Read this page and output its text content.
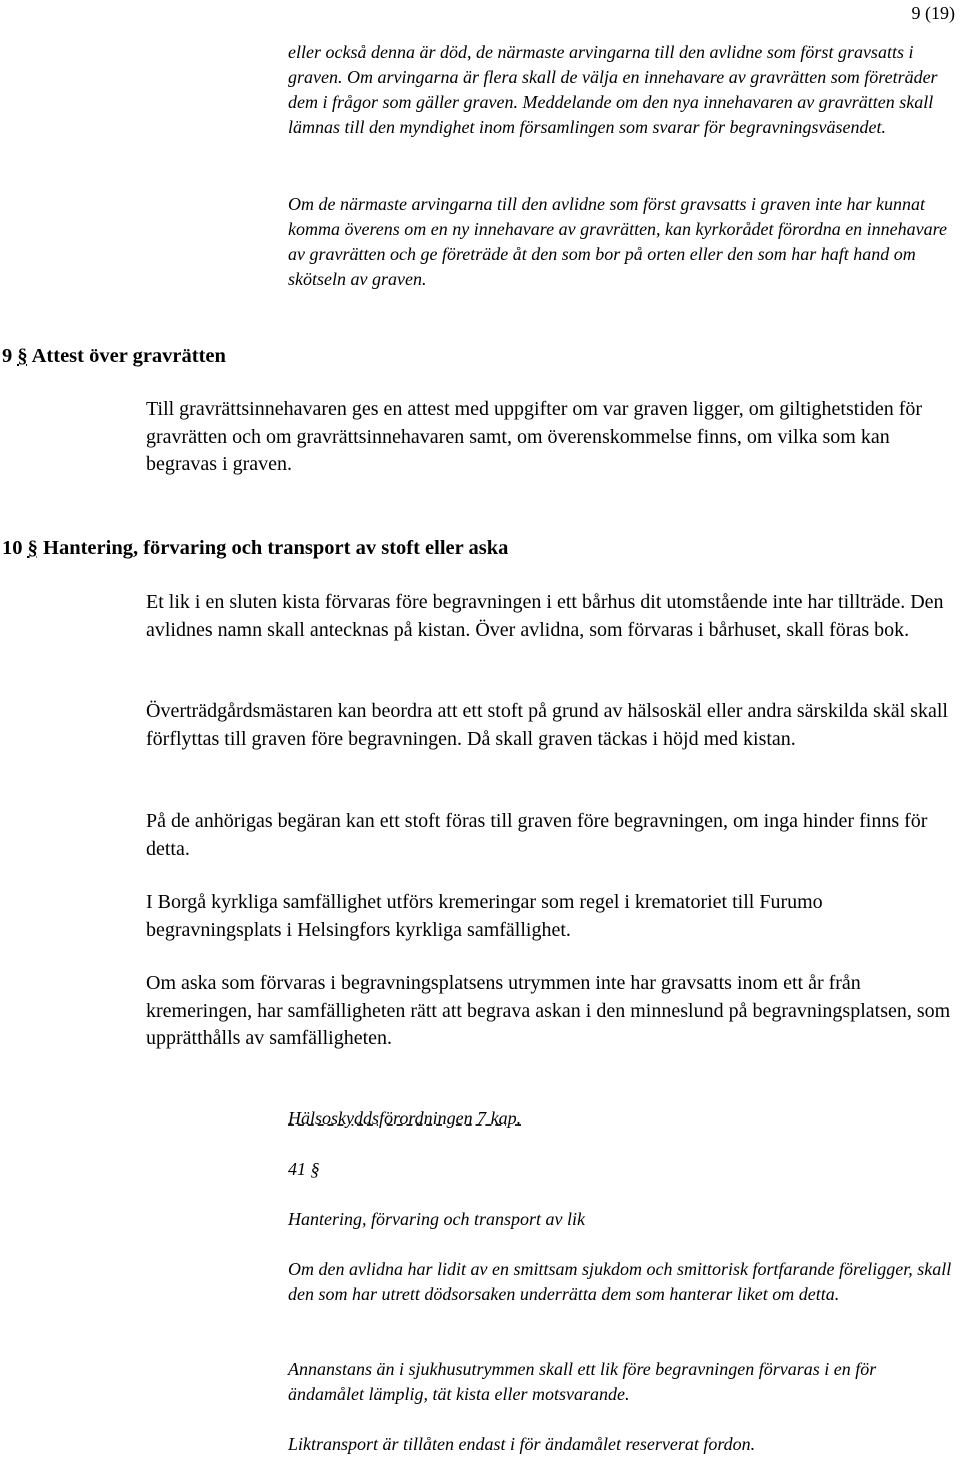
9 (19)

eller också denna är död, de närmaste arvingarna till den avlidne som först gravsatts i graven. Om arvingarna är flera skall de välja en innehavare av gravrätten som företräder dem i frågor som gäller graven. Meddelande om den nya innehavaren av gravrätten skall lämnas till den myndighet inom församlingen som svarar för begravningsväsendet.

Om de närmaste arvingarna till den avlidne som först gravsatts i graven inte har kunnat komma överens om en ny innehavare av gravrätten, kan kyrkorådet förordna en innehavare av gravrätten och ge företräde åt den som bor på orten eller den som har haft hand om skötseln av graven.

9 § Attest över gravrätten

Till gravrättsinnehavaren ges en attest med uppgifter om var graven ligger, om giltighetstiden för gravrätten och om gravrättsinnehavaren samt, om överenskommelse finns, om vilka som kan begravas i graven.

10 § Hantering, förvaring och transport av stoft eller aska

Et lik i en sluten kista förvaras före begravningen i ett bårhus dit utomstående inte har tillträde. Den avlidnes namn skall antecknas på kistan. Över avlidna, som förvaras i bårhuset, skall föras bok.

Överträdgårdsmästaren kan beordra att ett stoft på grund av hälsoskäl eller andra särskilda skäl skall förflyttas till graven före begravningen. Då skall graven täckas i höjd med kistan.

På de anhörigas begäran kan ett stoft föras till graven före begravningen, om inga hinder finns för detta.

I Borgå kyrkliga samfällighet utförs kremeringar som regel i krematoriet till Furumo begravningsplats i Helsingfors kyrkliga samfällighet.

Om aska som förvaras i begravningsplatsens utrymmen inte har gravsatts inom ett år från kremeringen, har samfälligheten rätt att begrava askan i den minneslund på begravningsplatsen, som upprätthålls av samfälligheten.

Hälsoskyddsförordningen 7 kap.

41 §

Hantering, förvaring och transport av lik

Om den avlidna har lidit av en smittsam sjukdom och smittorisk fortfarande föreligger, skall den som har utrett dödsorsaken underrätta dem som hanterar liket om detta.

Annanstans än i sjukhusutrymmen skall ett lik före begravningen förvaras i en för ändamålet lämplig, tät kista eller motsvarande.

Liktransport är tillåten endast i för ändamålet reserverat fordon.
